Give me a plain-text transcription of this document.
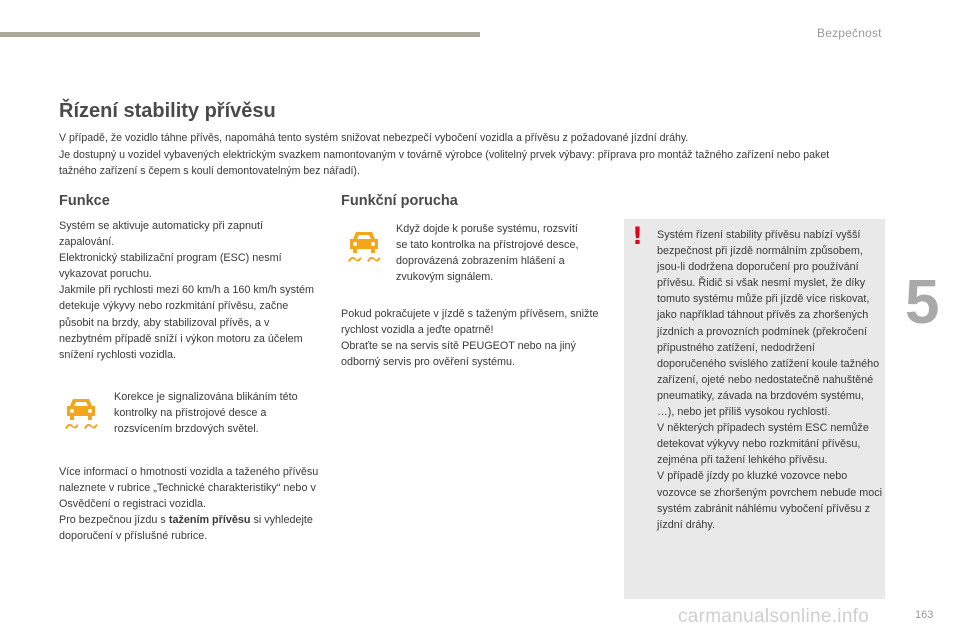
Bezpečnost
5
Řízení stability přívěsu

V případě, že vozidlo táhne přívěs, napomáhá tento systém snižovat nebezpečí vybočení vozidla a přívěsu z požadované jízdní dráhy.

Je dostupný u vozidel vybavených elektrickým svazkem namontovaným v továrně výrobce (volitelný prvek výbavy: příprava pro montáž tažného zařízení nebo paket tažného zařízení s čepem s koulí demontovatelným bez nářadí).

Funkce

Systém se aktivuje automaticky při zapnutí zapalování.

Elektronický stabilizační program (ESC) nesmí vykazovat poruchu.

Jakmile při rychlosti mezi 60 km/h a 160 km/h systém detekuje výkyvy nebo rozkmitání přívěsu, začne působit na brzdy, aby stabilizoval přívěs, a v nezbytném případě sníží i výkon motoru za účelem snížení rychlosti vozidla.

Korekce je signalizována blikáním této kontrolky na přístrojové desce a rozsvícením brzdových světel.

Více informací o hmotnosti vozidla a taženého přívěsu naleznete v rubrice „Technické charakteristiky“ nebo v Osvědčení o registraci vozidla.

Pro bezpečnou jízdu s tažením přívěsu si vyhledejte doporučení v příslušné rubrice.

Funkční porucha
Když dojde k poruše systému, rozsvítí se tato kontrolka na přístrojové desce, doprovázená zobrazením hlášení a zvukovým signálem.

Pokud pokračujete v jízdě s taženým přívěsem, snižte rychlost vozidla a jeďte opatrně!

Obraťte se na servis sítě PEUGEOT nebo na jiný odborný servis pro ověření systému.

! Systém řízení stability přívěsu nabízí vyšší bezpečnost při jízdě normálním způsobem, jsou-li dodržena doporučení pro používání přívěsu. Řidič si však nesmí myslet, že díky tomuto systému může při jízdě více riskovat, jako například táhnout přívěs za zhoršených jízdních a provozních podmínek (překročení přípustného zatížení, nedodržení doporučeného svislého zatížení koule tažného zařízení, ojeté nebo nedostatečně nahuštěné pneumatiky, závada na brzdovém systému, …), nebo jet příliš vysokou rychlostí.

V některých případech systém ESC nemůže detekovat výkyvy nebo rozkmitání přívěsu, zejména při tažení lehkého přívěsu.

V případě jízdy po kluzké vozovce nebo vozovce se zhoršeným povrchem nebude moci systém zabránit náhlému vybočení přívěsu z jízdní dráhy.

carmanualsonline.info	163
